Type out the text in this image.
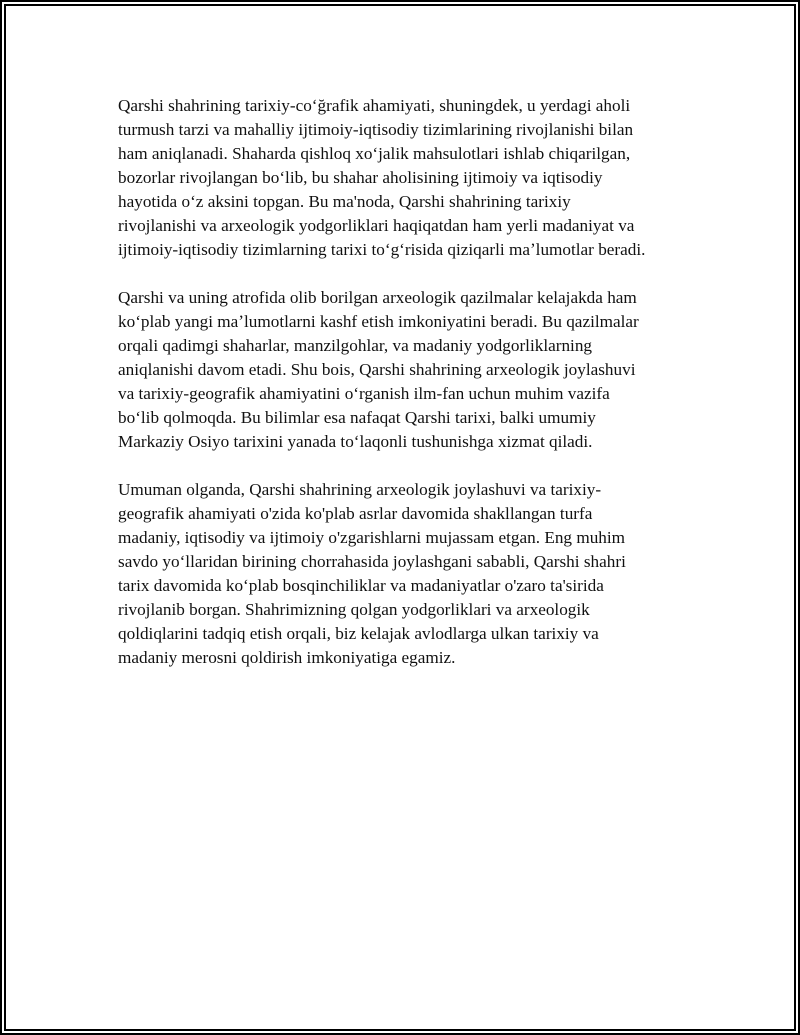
Qarshi shahrining tarixiy-coʻğrafik ahamiyati, shuningdek, u yerdagi aholi
turmush tarzi va mahalliy ijtimoiy-iqtisodiy tizimlarining rivojlanishi bilan
ham aniqlanadi. Shaharda qishloq xoʻjalik mahsulotlari ishlab chiqarilgan,
bozorlar rivojlangan boʻlib, bu shahar aholisining ijtimoiy va iqtisodiy
hayotida oʻz aksini topgan. Bu ma'noda, Qarshi shahrining tarixiy
rivojlanishi va arxeologik yodgorliklari haqiqatdan ham yerli madaniyat va
ijtimoiy-iqtisodiy tizimlarning tarixi toʻgʻrisida qiziqarli maʼlumotlar beradi.

Qarshi va uning atrofida olib borilgan arxeologik qazilmalar kelajakda ham
koʻplab yangi maʼlumotlarni kashf etish imkoniyatini beradi. Bu qazilmalar
orqali qadimgi shaharlar, manzilgohlar, va madaniy yodgorliklarning
aniqlanishi davom etadi. Shu bois, Qarshi shahrining arxeologik joylashuvi
va tarixiy-geografik ahamiyatini oʻrganish ilm-fan uchun muhim vazifa
boʻlib qolmoqda. Bu bilimlar esa nafaqat Qarshi tarixi, balki umumiy
Markaziy Osiyo tarixini yanada toʻlaqonli tushunishga xizmat qiladi.

Umuman olganda, Qarshi shahrining arxeologik joylashuvi va tarixiy-
geografik ahamiyati o'zida ko'plab asrlar davomida shakllangan turfa
madaniy, iqtisodiy va ijtimoiy o'zgarishlarni mujassam etgan. Eng muhim
savdo yoʻllaridan birining chorrahasida joylashgani sababli, Qarshi shahri
tarix davomida koʻplab bosqinchiliklar va madaniyatlar o'zaro ta'sirida
rivojlanib borgan. Shahrimizning qolgan yodgorliklari va arxeologik
qoldiqlarini tadqiq etish orqali, biz kelajak avlodlarga ulkan tarixiy va
madaniy merosni qoldirish imkoniyatiga egamiz.
